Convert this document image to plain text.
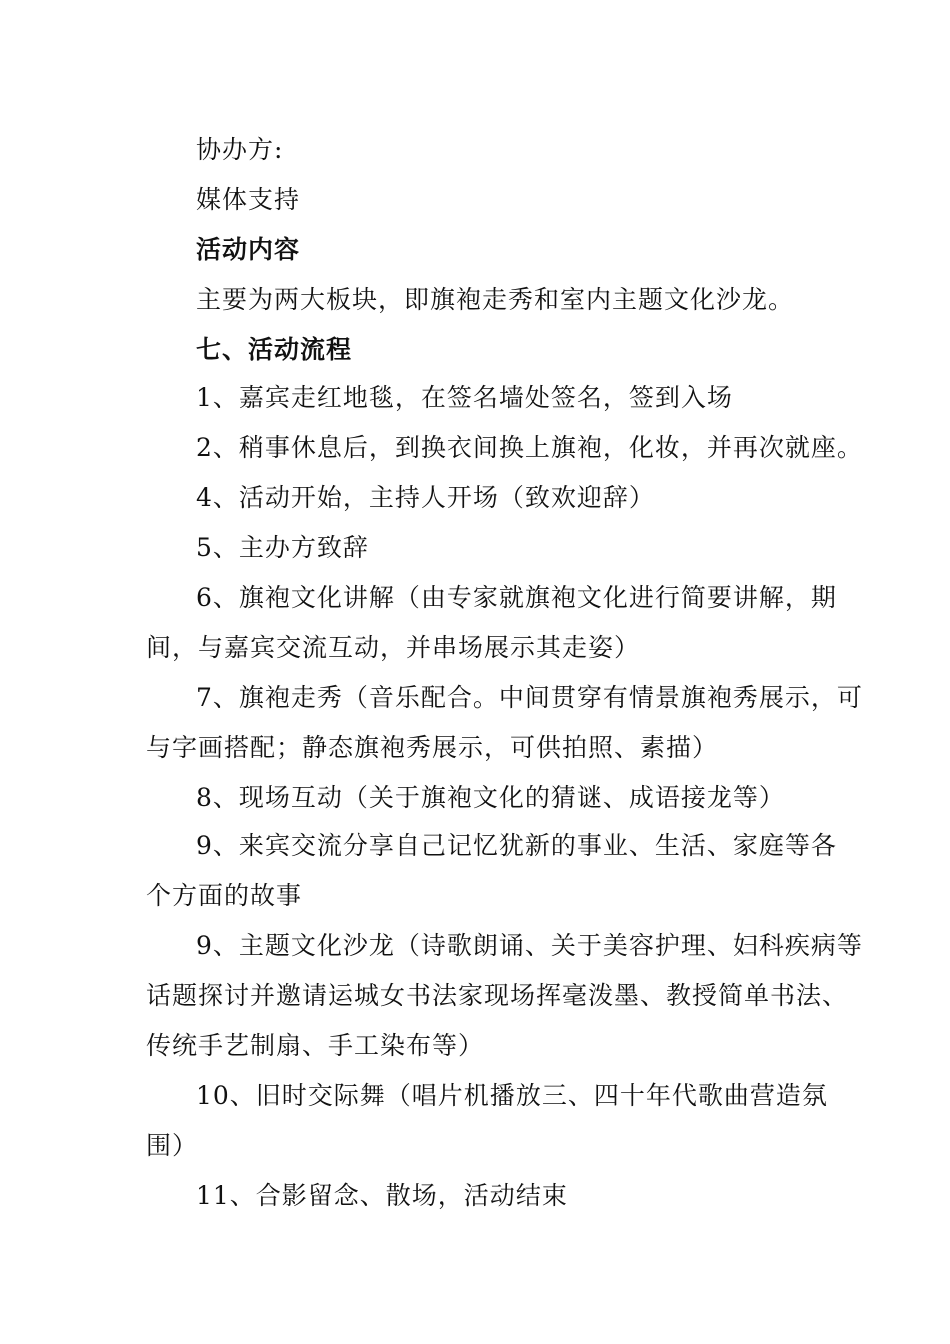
协办方:
媒体支持
活动内容
主要为两大板块，即旗袍走秀和室内主题文化沙龙。
七、活动流程
1、嘉宾走红地毯，在签名墙处签名，签到入场
2、稍事休息后，到换衣间换上旗袍，化妆，并再次就座。
4、活动开始，主持人开场（致欢迎辞）
5、主办方致辞
6、旗袍文化讲解（由专家就旗袍文化进行简要讲解，期
间，与嘉宾交流互动，并串场展示其走姿）
7、旗袍走秀（音乐配合。中间贯穿有情景旗袍秀展示，可
与字画搭配；静态旗袍秀展示，可供拍照、素描）
8、现场互动（关于旗袍文化的猜谜、成语接龙等）
9、来宾交流分享自己记忆犹新的事业、生活、家庭等各
个方面的故事
9、主题文化沙龙（诗歌朗诵、关于美容护理、妇科疾病等
话题探讨并邀请运城女书法家现场挥毫泼墨、教授简单书法、
传统手艺制扇、手工染布等）
10、旧时交际舞（唱片机播放三、四十年代歌曲营造氛
围）
11、合影留念、散场，活动结束
